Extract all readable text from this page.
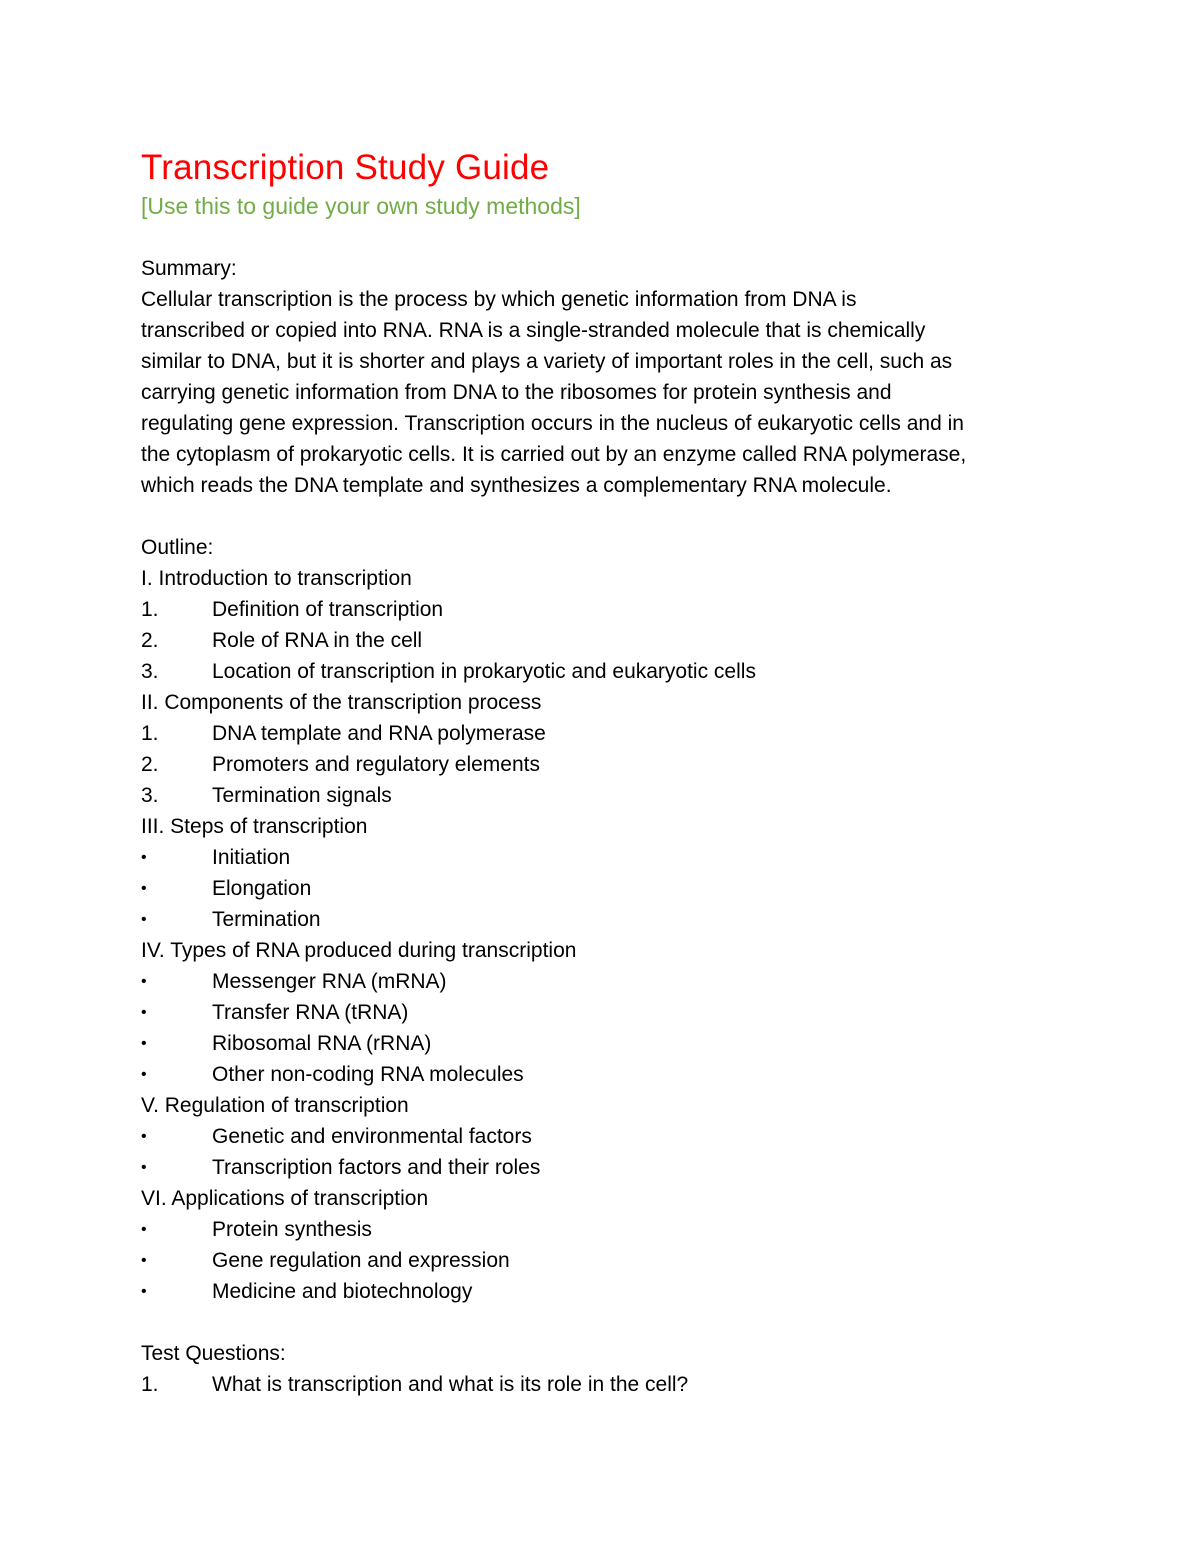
Transcription Study Guide
[Use this to guide your own study methods]
Summary:
Cellular transcription is the process by which genetic information from DNA is
transcribed or copied into RNA. RNA is a single-stranded molecule that is chemically
similar to DNA, but it is shorter and plays a variety of important roles in the cell, such as
carrying genetic information from DNA to the ribosomes for protein synthesis and
regulating gene expression. Transcription occurs in the nucleus of eukaryotic cells and in
the cytoplasm of prokaryotic cells. It is carried out by an enzyme called RNA polymerase,
which reads the DNA template and synthesizes a complementary RNA molecule.
Outline:
I. Introduction to transcription
1.	Definition of transcription
2.	Role of RNA in the cell
3.	Location of transcription in prokaryotic and eukaryotic cells
II. Components of the transcription process
1.	DNA template and RNA polymerase
2.	Promoters and regulatory elements
3.	Termination signals
III. Steps of transcription
•	Initiation
•	Elongation
•	Termination
IV. Types of RNA produced during transcription
•	Messenger RNA (mRNA)
•	Transfer RNA (tRNA)
•	Ribosomal RNA (rRNA)
•	Other non-coding RNA molecules
V. Regulation of transcription
•	Genetic and environmental factors
•	Transcription factors and their roles
VI. Applications of transcription
•	Protein synthesis
•	Gene regulation and expression
•	Medicine and biotechnology
Test Questions:
1.	What is transcription and what is its role in the cell?
